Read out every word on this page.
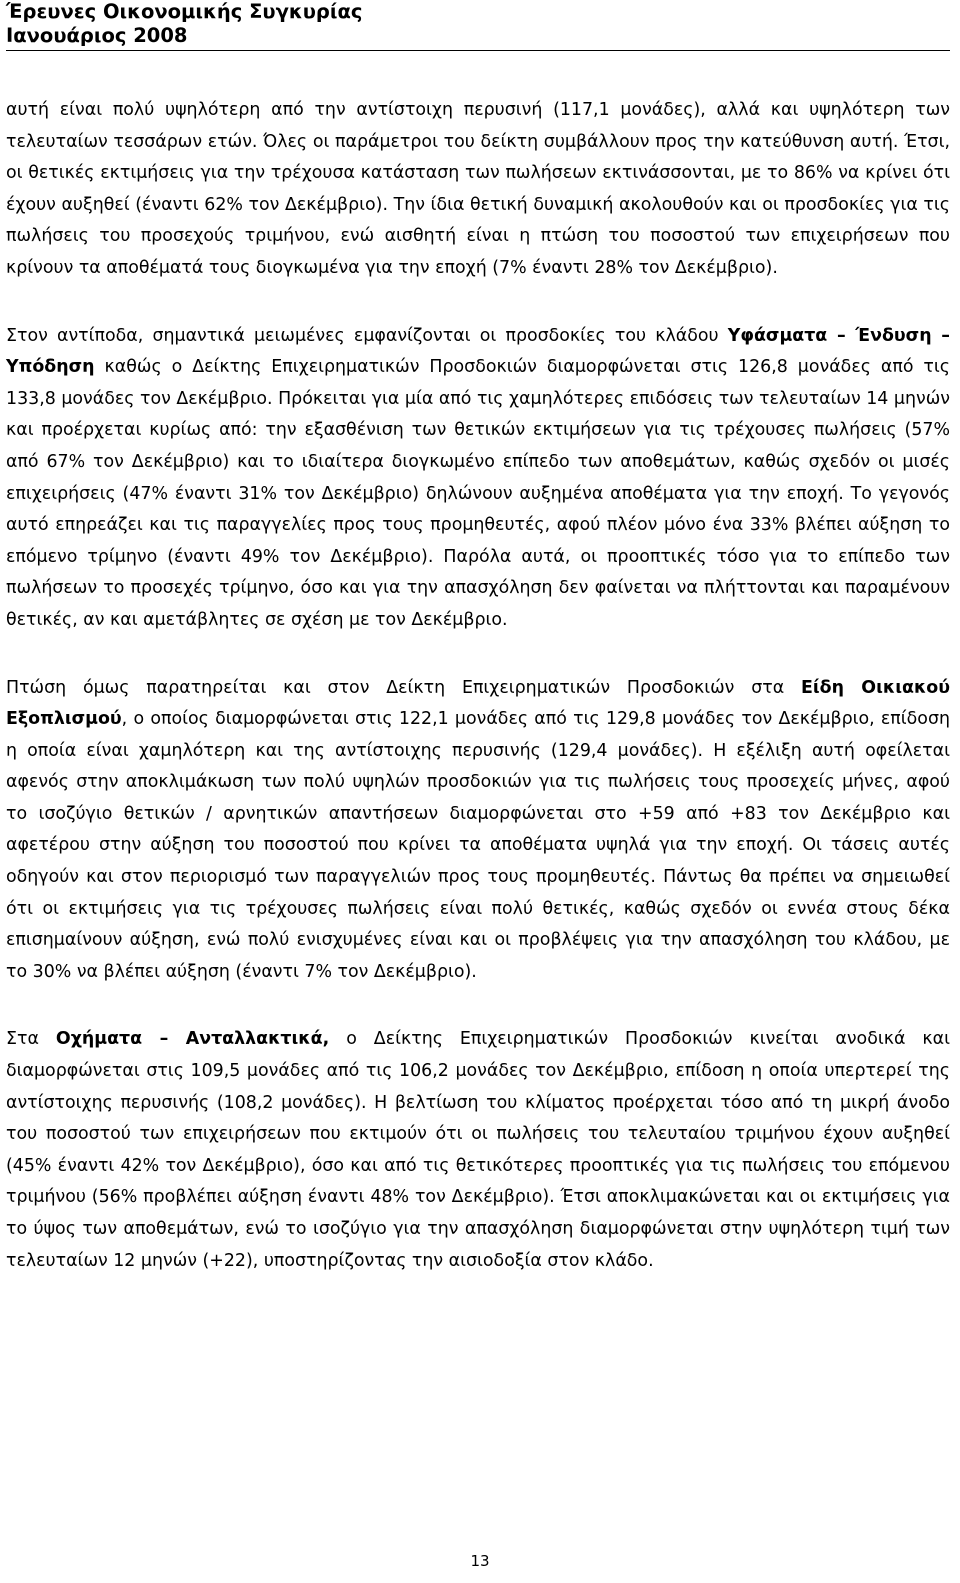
Έρευνες Οικονομικής Συγκυρίας
Ιανουάριος 2008

αυτή είναι πολύ υψηλότερη από την αντίστοιχη περυσινή (117,1 μονάδες), αλλά και υψηλότερη των τελευταίων τεσσάρων ετών. Όλες οι παράμετροι του δείκτη συμβάλλουν προς την κατεύθυνση αυτή. Έτσι, οι θετικές εκτιμήσεις για την τρέχουσα κατάσταση των πωλήσεων εκτινάσσονται, με το 86% να κρίνει ότι έχουν αυξηθεί (έναντι 62% τον Δεκέμβριο). Την ίδια θετική δυναμική ακολουθούν και οι προσδοκίες για τις πωλήσεις του προσεχούς τριμήνου, ενώ αισθητή είναι η πτώση του ποσοστού των επιχειρήσεων που κρίνουν τα αποθέματά τους διογκωμένα για την εποχή (7% έναντι 28% τον Δεκέμβριο).

Στον αντίποδα, σημαντικά μειωμένες εμφανίζονται οι προσδοκίες του κλάδου Υφάσματα – Ένδυση – Υπόδηση καθώς ο Δείκτης Επιχειρηματικών Προσδοκιών διαμορφώνεται στις 126,8 μονάδες από τις 133,8 μονάδες τον Δεκέμβριο. Πρόκειται για μία από τις χαμηλότερες επιδόσεις των τελευταίων 14 μηνών και προέρχεται κυρίως από: την εξασθένιση των θετικών εκτιμήσεων για τις τρέχουσες πωλήσεις (57% από 67% τον Δεκέμβριο) και το ιδιαίτερα διογκωμένο επίπεδο των αποθεμάτων, καθώς σχεδόν οι μισές επιχειρήσεις (47% έναντι 31% τον Δεκέμβριο) δηλώνουν αυξημένα αποθέματα για την εποχή. Το γεγονός αυτό επηρεάζει και τις παραγγελίες προς τους προμηθευτές, αφού πλέον μόνο ένα 33% βλέπει αύξηση το επόμενο τρίμηνο (έναντι 49% τον Δεκέμβριο). Παρόλα αυτά, οι προοπτικές τόσο για το επίπεδο των πωλήσεων το προσεχές τρίμηνο, όσο και για την απασχόληση δεν φαίνεται να πλήττονται και παραμένουν θετικές, αν και αμετάβλητες σε σχέση με τον Δεκέμβριο.

Πτώση όμως παρατηρείται και στον Δείκτη Επιχειρηματικών Προσδοκιών στα Είδη Οικιακού Εξοπλισμού, ο οποίος διαμορφώνεται στις 122,1 μονάδες από τις 129,8 μονάδες τον Δεκέμβριο, επίδοση η οποία είναι χαμηλότερη και της αντίστοιχης περυσινής (129,4 μονάδες). Η εξέλιξη αυτή οφείλεται αφενός στην αποκλιμάκωση των πολύ υψηλών προσδοκιών για τις πωλήσεις τους προσεχείς μήνες, αφού το ισοζύγιο θετικών / αρνητικών απαντήσεων διαμορφώνεται στο +59 από +83 τον Δεκέμβριο και αφετέρου στην αύξηση του ποσοστού που κρίνει τα αποθέματα υψηλά για την εποχή. Οι τάσεις αυτές οδηγούν και στον περιορισμό των παραγγελιών προς τους προμηθευτές. Πάντως θα πρέπει να σημειωθεί ότι οι εκτιμήσεις για τις τρέχουσες πωλήσεις είναι πολύ θετικές, καθώς σχεδόν οι εννέα στους δέκα επισημαίνουν αύξηση, ενώ πολύ ενισχυμένες είναι και οι προβλέψεις για την απασχόληση του κλάδου, με το 30% να βλέπει αύξηση (έναντι 7% τον Δεκέμβριο).

Στα Οχήματα – Ανταλλακτικά, ο Δείκτης Επιχειρηματικών Προσδοκιών κινείται ανοδικά και διαμορφώνεται στις 109,5 μονάδες από τις 106,2 μονάδες τον Δεκέμβριο, επίδοση η οποία υπερτερεί της αντίστοιχης περυσινής (108,2 μονάδες). Η βελτίωση του κλίματος προέρχεται τόσο από τη μικρή άνοδο του ποσοστού των επιχειρήσεων που εκτιμούν ότι οι πωλήσεις του τελευταίου τριμήνου έχουν αυξηθεί (45% έναντι 42% τον Δεκέμβριο), όσο και από τις θετικότερες προοπτικές για τις πωλήσεις του επόμενου τριμήνου (56% προβλέπει αύξηση έναντι 48% τον Δεκέμβριο). Έτσι αποκλιμακώνεται και οι εκτιμήσεις για το ύψος των αποθεμάτων, ενώ το ισοζύγιο για την απασχόληση διαμορφώνεται στην υψηλότερη τιμή των τελευταίων 12 μηνών (+22), υποστηρίζοντας την αισιοδοξία στον κλάδο.

13
